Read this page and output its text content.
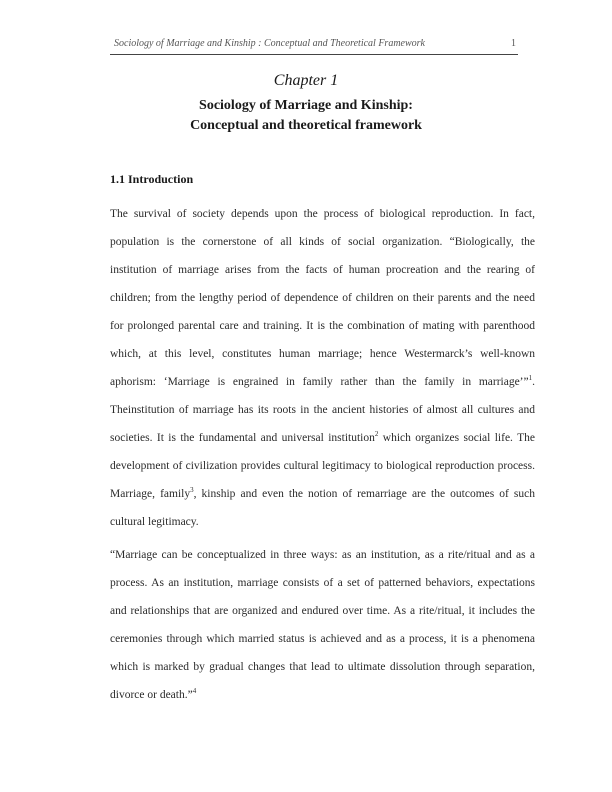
Sociology of Marriage and Kinship : Conceptual and Theoretical Framework	1
Chapter 1
Sociology of Marriage and Kinship:
Conceptual and theoretical framework
1.1 Introduction

The survival of society depends upon the process of biological reproduction. In fact, population is the cornerstone of all kinds of social organization. “Biologically, the institution of marriage arises from the facts of human procreation and the rearing of children; from the lengthy period of dependence of children on their parents and the need for prolonged parental care and training. It is the combination of mating with parenthood which, at this level, constitutes human marriage; hence Westermarck’s well-known aphorism: ‘Marriage is engrained in family rather than the family in marriage’”$^1$. Theinstitution of marriage has its roots in the ancient histories of almost all cultures and societies. It is the fundamental and universal institution$^2$ which organizes social life. The development of civilization provides cultural legitimacy to biological reproduction process. Marriage, family$^3$, kinship and even the notion of remarriage are the outcomes of such cultural legitimacy.

“Marriage can be conceptualized in three ways: as an institution, as a rite/ritual and as a process. As an institution, marriage consists of a set of patterned behaviors, expectations and relationships that are organized and endured over time. As a rite/ritual, it includes the ceremonies through which married status is achieved and as a process, it is a phenomena which is marked by gradual changes that lead to ultimate dissolution through separation, divorce or death.”$^4$
